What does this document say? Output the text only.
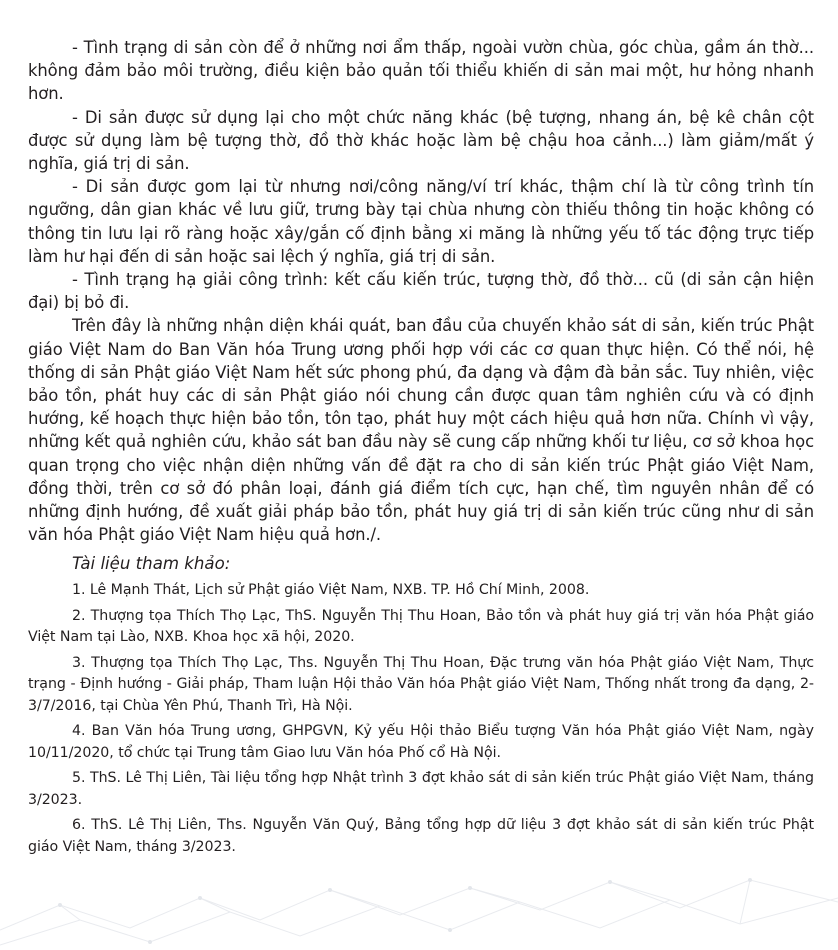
- Tình trạng di sản còn để ở những nơi ẩm thấp, ngoài vườn chùa, góc chùa, gầm án thờ... không đảm bảo môi trường, điều kiện bảo quản tối thiểu khiến di sản mai một, hư hỏng nhanh hơn.

- Di sản được sử dụng lại cho một chức năng khác (bệ tượng, nhang án, bệ kê chân cột được sử dụng làm bệ tượng thờ, đồ thờ khác hoặc làm bệ chậu hoa cảnh...) làm giảm/mất ý nghĩa, giá trị di sản.

- Di sản được gom lại từ nhưng nơi/công năng/ví trí khác, thậm chí là từ công trình tín ngưỡng, dân gian khác về lưu giữ, trưng bày tại chùa nhưng còn thiếu thông tin hoặc không có thông tin lưu lại rõ ràng hoặc xây/gắn cố định bằng xi măng là những yếu tố tác động trực tiếp làm hư hại đến di sản hoặc sai lệch ý nghĩa, giá trị di sản.

- Tình trạng hạ giải công trình: kết cấu kiến trúc, tượng thờ, đồ thờ... cũ (di sản cận hiện đại) bị bỏ đi.

Trên đây là những nhận diện khái quát, ban đầu của chuyến khảo sát di sản, kiến trúc Phật giáo Việt Nam do Ban Văn hóa Trung ương phối hợp với các cơ quan thực hiện. Có thể nói, hệ thống di sản Phật giáo Việt Nam hết sức phong phú, đa dạng và đậm đà bản sắc. Tuy nhiên, việc bảo tồn, phát huy các di sản Phật giáo nói chung cần được quan tâm nghiên cứu và có định hướng, kế hoạch thực hiện bảo tồn, tôn tạo, phát huy một cách hiệu quả hơn nữa. Chính vì vậy, những kết quả nghiên cứu, khảo sát ban đầu này sẽ cung cấp những khối tư liệu, cơ sở khoa học quan trọng cho việc nhận diện những vấn đề đặt ra cho di sản kiến trúc Phật giáo Việt Nam, đồng thời, trên cơ sở đó phân loại, đánh giá điểm tích cực, hạn chế, tìm nguyên nhân để có những định hướng, đề xuất giải pháp bảo tồn, phát huy giá trị di sản kiến trúc cũng như di sản văn hóa Phật giáo Việt Nam hiệu quả hơn./.

Tài liệu tham khảo:

1. Lê Mạnh Thát, Lịch sử Phật giáo Việt Nam, NXB. TP. Hồ Chí Minh, 2008.

2. Thượng tọa Thích Thọ Lạc, ThS. Nguyễn Thị Thu Hoan, Bảo tồn và phát huy giá trị văn hóa Phật giáo Việt Nam tại Lào, NXB. Khoa học xã hội, 2020.

3. Thượng tọa Thích Thọ Lạc, Ths. Nguyễn Thị Thu Hoan, Đặc trưng văn hóa Phật giáo Việt Nam, Thực trạng - Định hướng - Giải pháp, Tham luận Hội thảo Văn hóa Phật giáo Việt Nam, Thống nhất trong đa dạng, 2-3/7/2016, tại Chùa Yên Phú, Thanh Trì, Hà Nội.

4. Ban Văn hóa Trung ương, GHPGVN, Kỷ yếu Hội thảo Biểu tượng Văn hóa Phật giáo Việt Nam, ngày 10/11/2020, tổ chức tại Trung tâm Giao lưu Văn hóa Phố cổ Hà Nội.

5. ThS. Lê Thị Liên, Tài liệu tổng hợp Nhật trình 3 đợt khảo sát di sản kiến trúc Phật giáo Việt Nam, tháng 3/2023.

6. ThS. Lê Thị Liên, Ths. Nguyễn Văn Quý, Bảng tổng hợp dữ liệu 3 đợt khảo sát di sản kiến trúc Phật giáo Việt Nam, tháng 3/2023.
